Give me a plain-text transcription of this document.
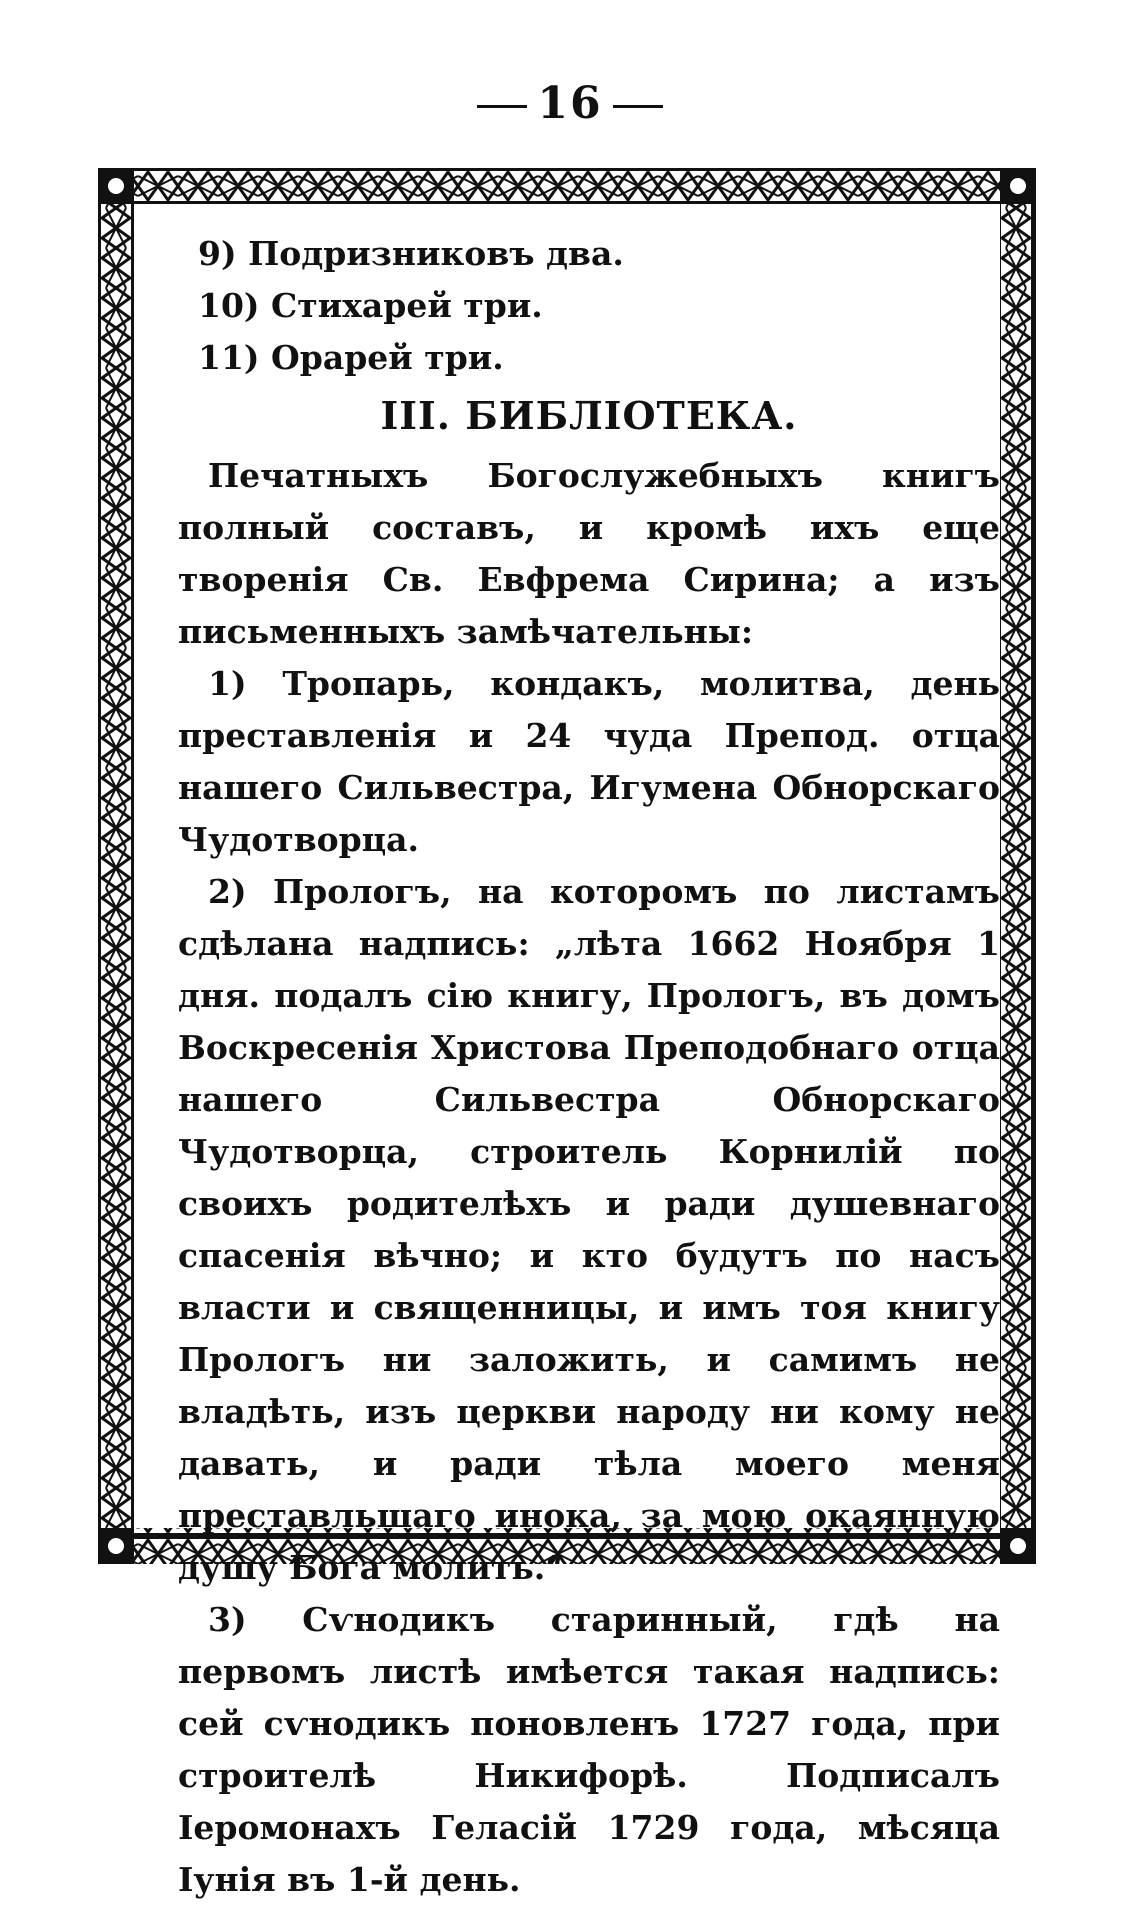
16

9) Подризниковъ два.

10) Стихарей три.

11) Орарей три.

III. БИБЛІОТЕКА.

Печатныхъ Богослужебныхъ книгъ полный составъ, и кромѣ ихъ еще творенія Св. Евфрема Сирина; а изъ письменныхъ замѣчательны:

1) Тропарь, кондакъ, молитва, день преставленія и 24 чуда Препод. отца нашего Сильвестра, Игумена Обнорскаго Чудотворца.

2) Прологъ, на которомъ по листамъ сдѣлана надпись: „лѣта 1662 Ноября 1 дня. подалъ сію книгу, Прологъ, въ домъ Воскресенія Христова Преподобнаго отца нашего Сильвестра Обнорскаго Чудотворца, строитель Корнилій по своихъ родителѣхъ и ради душевнаго спасенія вѣчно; и кто будутъ по насъ власти и священницы, и имъ тоя книгу Прологъ ни заложить, и самимъ не владѣть, изъ церкви народу ни кому не давать, и ради тѣла моего меня преставльшаго инока, за мою окаянную душу Бога молить.“

3) Сѵнодикъ старинный, гдѣ на первомъ листѣ имѣется такая надпись: сей сѵнодикъ поновленъ 1727 года, при строителѣ Никифорѣ. Подписалъ Іеромонахъ Геласій 1729 года, мѣсяца Іунія въ 1-й день.
